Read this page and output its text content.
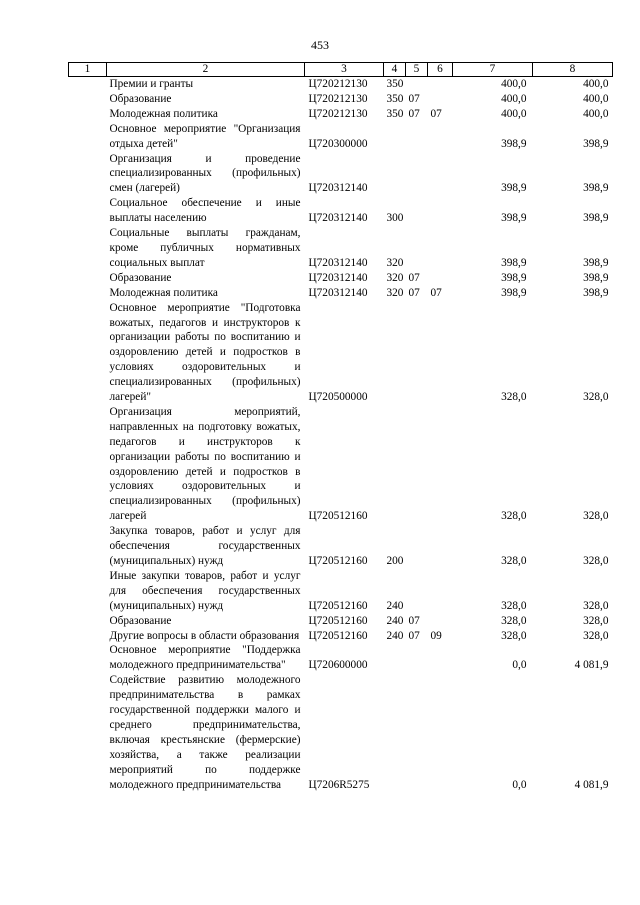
453
1	2	3	4	5	6	7	8
	Премии и гранты	Ц720212130	350			400,0	400,0
	Образование	Ц720212130	350	07		400,0	400,0
	Молодежная политика	Ц720212130	350	07	07	400,0	400,0
	Основное мероприятие "Организация отдыха детей"	Ц720300000				398,9	398,9
	Организация и проведение специализированных (профильных) смен (лагерей)	Ц720312140				398,9	398,9
	Социальное обеспечение и иные выплаты населению	Ц720312140	300			398,9	398,9
	Социальные выплаты гражданам, кроме публичных нормативных социальных выплат	Ц720312140	320			398,9	398,9
	Образование	Ц720312140	320	07		398,9	398,9
	Молодежная политика	Ц720312140	320	07	07	398,9	398,9
	Основное мероприятие "Подготовка вожатых, педагогов и инструкторов к организации работы по воспитанию и оздоровлению детей и подростков в условиях оздоровительных и специализированных (профильных) лагерей"	Ц720500000				328,0	328,0
	Организация мероприятий, направленных на подготовку вожатых, педагогов и инструкторов к организации работы по воспитанию и оздоровлению детей и подростков в условиях оздоровительных и специализированных (профильных) лагерей	Ц720512160				328,0	328,0
	Закупка товаров, работ и услуг для обеспечения государственных (муниципальных) нужд	Ц720512160	200			328,0	328,0
	Иные закупки товаров, работ и услуг для обеспечения государственных (муниципальных) нужд	Ц720512160	240			328,0	328,0
	Образование	Ц720512160	240	07		328,0	328,0
	Другие вопросы в области образования	Ц720512160	240	07	09	328,0	328,0
	Основное мероприятие "Поддержка молодежного предпринимательства"	Ц720600000				0,0	4 081,9
	Содействие развитию молодежного предпринимательства в рамках государственной поддержки малого и среднего предпринимательства, включая крестьянские (фермерские) хозяйства, а также реализации мероприятий по поддержке молодежного предпринимательства	Ц7206R5275				0,0	4 081,9
